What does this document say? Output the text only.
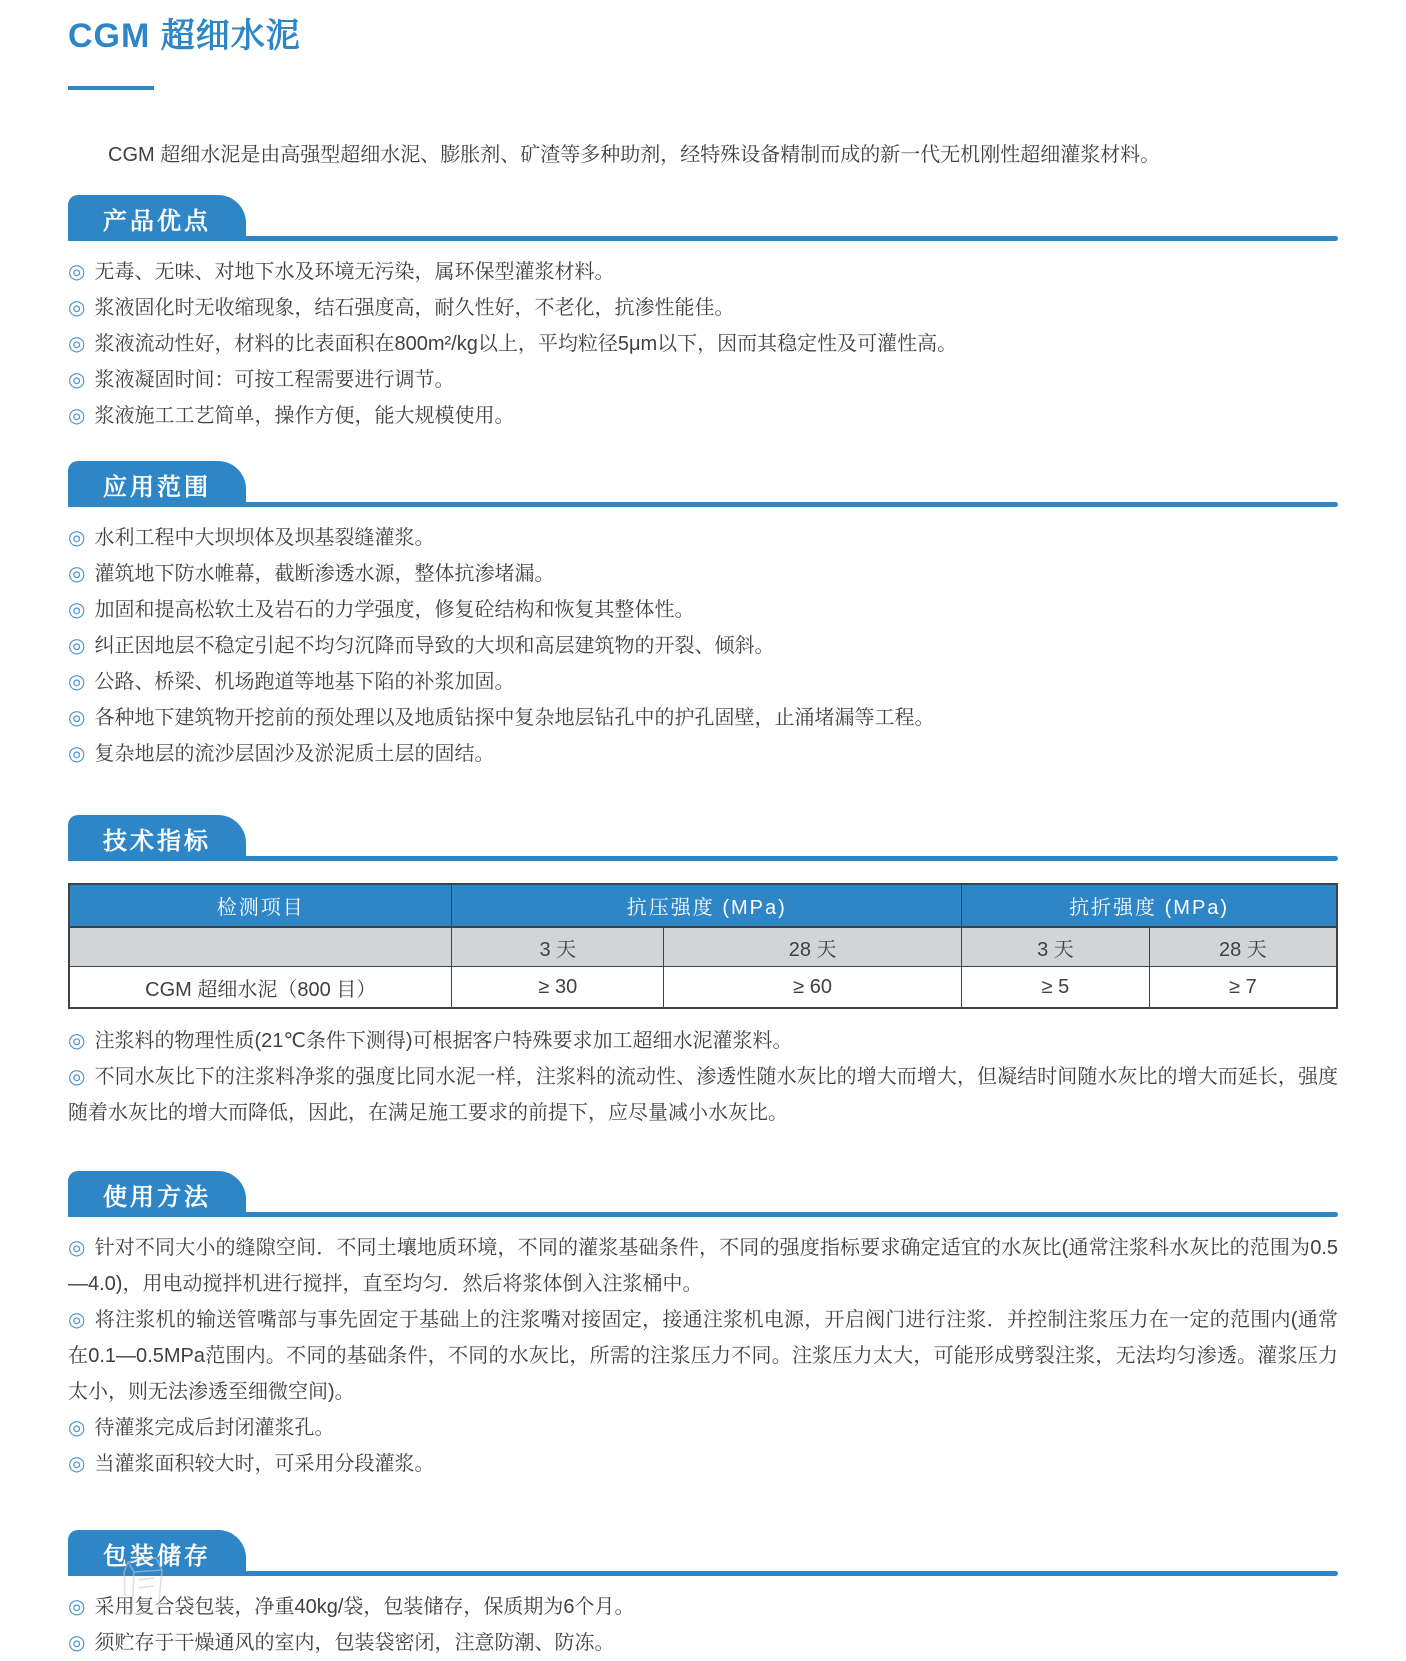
CGM 超细水泥

CGM 超细水泥是由高强型超细水泥、膨胀剂、矿渣等多种助剂，经特殊设备精制而成的新一代无机刚性超细灌浆材料。

产品优点
◎ 无毒、无味、对地下水及环境无污染，属环保型灌浆材料。
◎ 浆液固化时无收缩现象，结石强度高，耐久性好，不老化，抗渗性能佳。
◎ 浆液流动性好，材料的比表面积在800m²/kg以上，平均粒径5μm以下，因而其稳定性及可灌性高。
◎ 浆液凝固时间：可按工程需要进行调节。
◎ 浆液施工工艺简单，操作方便，能大规模使用。
应用范围
◎ 水利工程中大坝坝体及坝基裂缝灌浆。
◎ 灌筑地下防水帷幕，截断渗透水源，整体抗渗堵漏。
◎ 加固和提高松软土及岩石的力学强度，修复砼结构和恢复其整体性。
◎ 纠正因地层不稳定引起不均匀沉降而导致的大坝和高层建筑物的开裂、倾斜。
◎ 公路、桥梁、机场跑道等地基下陷的补浆加固。
◎ 各种地下建筑物开挖前的预处理以及地质钻探中复杂地层钻孔中的护孔固壁，止涌堵漏等工程。
◎ 复杂地层的流沙层固沙及淤泥质土层的固结。
技术指标
检测项目	抗压强度 (MPa)		抗折强度 (MPa)	
	3 天	28 天	3 天	28 天
CGM 超细水泥（800 目）	≥ 30	≥ 60	≥ 5	≥ 7
◎ 注浆料的物理性质(21℃条件下测得)可根据客户特殊要求加工超细水泥灌浆料。
◎ 不同水灰比下的注浆料净浆的强度比同水泥一样，注浆料的流动性、渗透性随水灰比的增大而增大，但凝结时间随水灰比的增大而延长，强度随着水灰比的增大而降低，因此，在满足施工要求的前提下，应尽量减小水灰比。
使用方法
◎ 针对不同大小的缝隙空间．不同土壤地质环境，不同的灌浆基础条件，不同的强度指标要求确定适宜的水灰比(通常注浆科水灰比的范围为0.5—4.0)，用电动搅拌机进行搅拌，直至均匀．然后将浆体倒入注浆桶中。
◎ 将注浆机的输送管嘴部与事先固定于基础上的注浆嘴对接固定，接通注浆机电源，开启阀门进行注浆．并控制注浆压力在一定的范围内(通常在0.1—0.5MPa范围内。不同的基础条件，不同的水灰比，所需的注浆压力不同。注浆压力太大，可能形成劈裂注浆，无法均匀渗透。灌浆压力太小，则无法渗透至细微空间)。
◎ 待灌浆完成后封闭灌浆孔。
◎ 当灌浆面积较大时，可采用分段灌浆。
包装储存
◎ 采用复合袋包装，净重40kg/袋，包装储存，保质期为6个月。
◎ 须贮存于干燥通风的室内，包装袋密闭，注意防潮、防冻。
